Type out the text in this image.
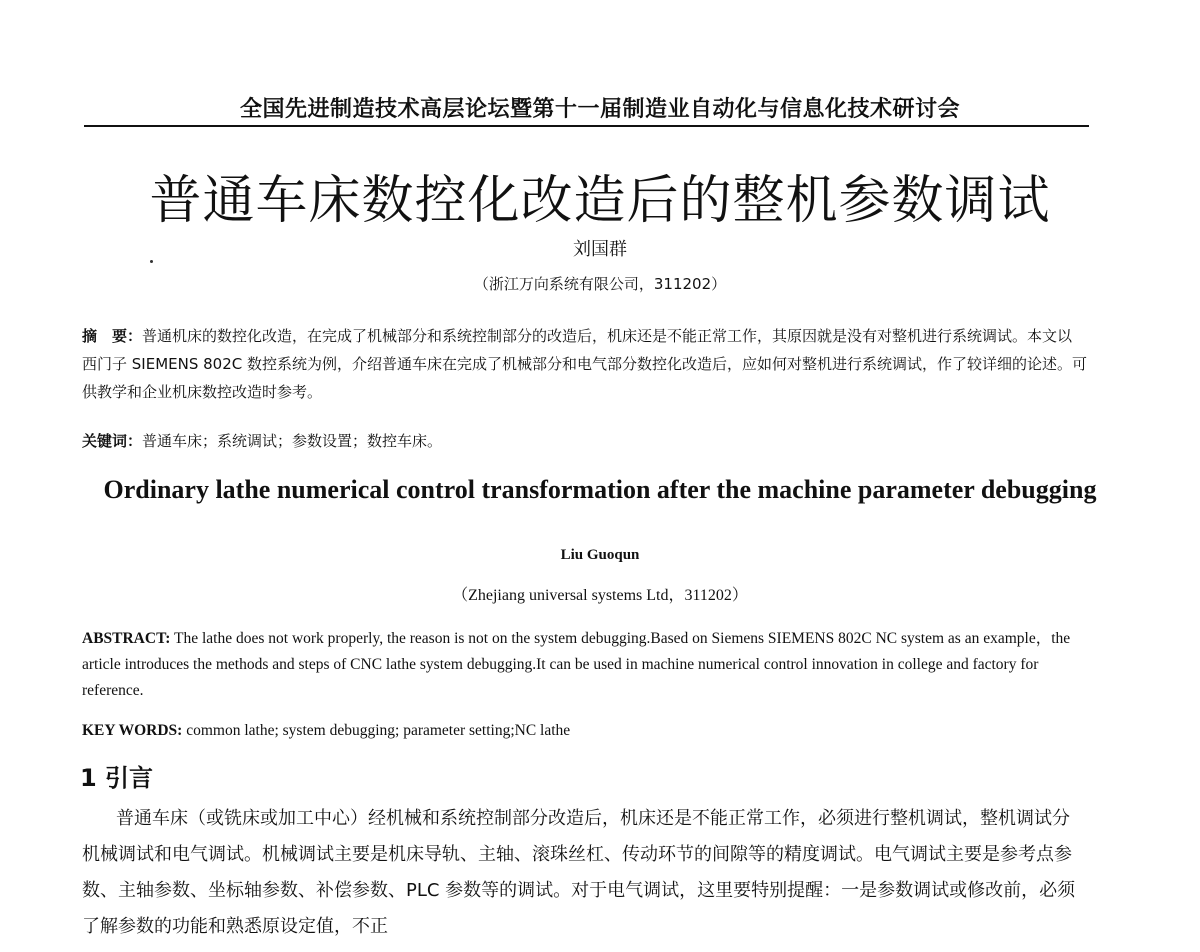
全国先进制造技术高层论坛暨第十一届制造业自动化与信息化技术研讨会
普通车床数控化改造后的整机参数调试
刘国群
（浙江万向系统有限公司，311202）
摘　要：普通机床的数控化改造，在完成了机械部分和系统控制部分的改造后，机床还是不能正常工作，其原因就是没有对整机进行系统调试。本文以西门子 SIEMENS 802C 数控系统为例，介绍普通车床在完成了机械部分和电气部分数控化改造后，应如何对整机进行系统调试，作了较详细的论述。可供教学和企业机床数控改造时参考。
关键词：普通车床；系统调试；参数设置；数控车床。
Ordinary lathe numerical control transformation after the machine parameter debugging
Liu Guoqun
（Zhejiang universal systems Ltd，311202）
ABSTRACT: The lathe does not work properly, the reason is not on the system debugging.Based on Siemens SIEMENS 802C NC system as an example，the article introduces the methods and steps of CNC lathe system debugging.It can be used in machine numerical control innovation in college and factory for reference.
KEY WORDS: common lathe; system debugging; parameter setting;NC lathe
1 引言
普通车床（或铣床或加工中心）经机械和系统控制部分改造后，机床还是不能正常工作，必须进行整机调试，整机调试分机械调试和电气调试。机械调试主要是机床导轨、主轴、滚珠丝杠、传动环节的间隙等的精度调试。电气调试主要是参考点参数、主轴参数、坐标轴参数、补偿参数、PLC 参数等的调试。对于电气调试，这里要特别提醒：一是参数调试或修改前，必须了解参数的功能和熟悉原设定值，不正
